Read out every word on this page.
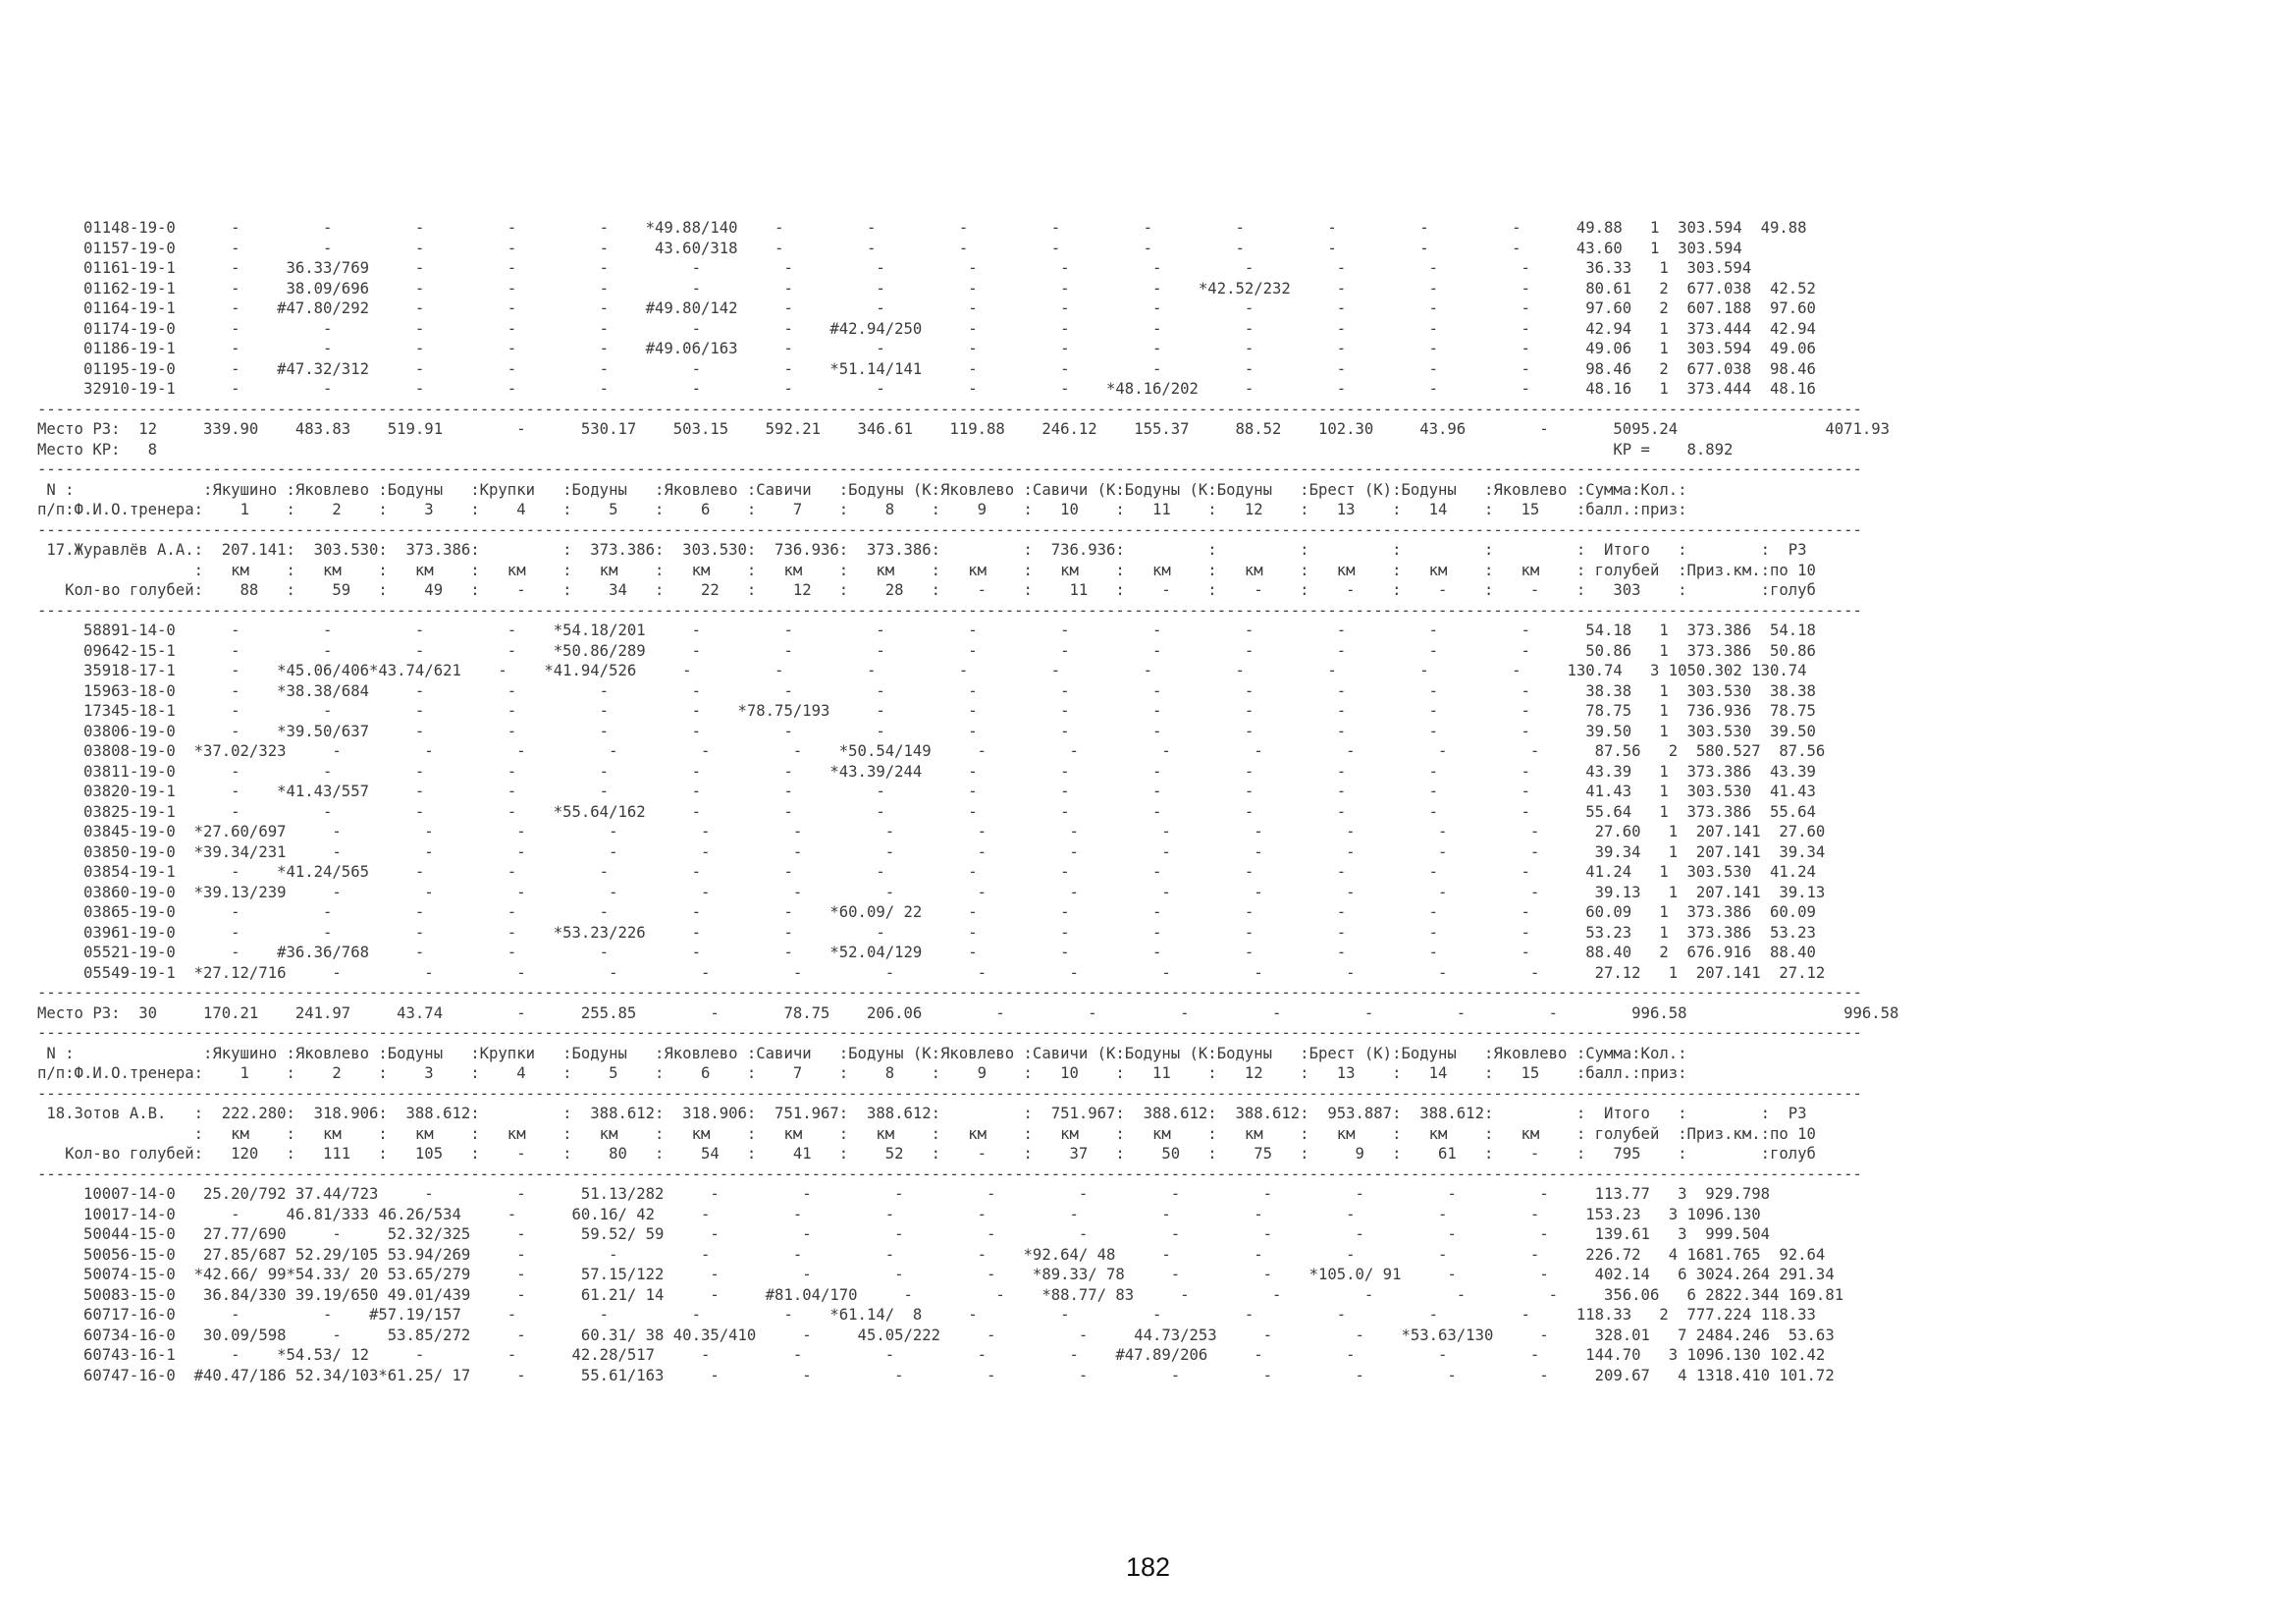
01148-19-0      -         -         -         -         -    *49.88/140    -         -         -         -         -         -         -         -         -      49.88   1  303.594  49.88
01157-19-0      -         -         -         -         -     43.60/318    -         -         -         -         -         -         -         -         -      43.60   1  303.594
01161-19-1      -     36.33/769     -         -         -         -         -         -         -         -         -         -         -         -         -      36.33   1  303.594
01162-19-1      -     38.09/696     -         -         -         -         -         -         -         -         -    *42.52/232     -         -         -      80.61   2  677.038  42.52
01164-19-1      -    #47.80/292     -         -         -    #49.80/142     -         -         -         -         -         -         -         -         -      97.60   2  607.188  97.60
01174-19-0      -         -         -         -         -         -         -    #42.94/250     -         -         -         -         -         -         -      42.94   1  373.444  42.94
01186-19-1      -         -         -         -         -    #49.06/163     -         -         -         -         -         -         -         -         -      49.06   1  303.594  49.06
01195-19-0      -    #47.32/312     -         -         -         -         -    *51.14/141     -         -         -         -         -         -         -      98.46   2  677.038  98.46
32910-19-1      -         -         -         -         -         -         -         -         -         -    *48.16/202     -         -         -         -      48.16   1  373.444  48.16
------------------------------------------------------------------------------------------------------------------------------------------------------------------------------------------------------
Место РЗ:  12     339.90    483.83    519.91        -      530.17    503.15    592.21    346.61    119.88    246.12    155.37     88.52    102.30     43.96        -       5095.24                4071.93
Место КР:   8                                                                                                                                                              КР =    8.892
------------------------------------------------------------------------------------------------------------------------------------------------------------------------------------------------------
N :              :Якушино :Яковлево :Бодуны   :Крупки   :Бодуны   :Яковлево :Савичи   :Бодуны (К:Яковлево :Савичи (К:Бодуны (К:Бодуны   :Брест (К):Бодуны   :Яковлево :Сумма:Кол.:
п/п:Ф.И.О.тренера:    1    :    2    :    3    :    4    :    5    :    6    :    7    :    8    :    9    :   10    :   11    :   12    :   13    :   14    :   15    :балл.:приз:
------------------------------------------------------------------------------------------------------------------------------------------------------------------------------------------------------
17.Журавлёв А.А.:  207.141:  303.530:  373.386:         :  373.386:  303.530:  736.936:  373.386:         :  736.936:         :         :         :         :         :  Итого   :        :  РЗ
:   км    :   км    :   км    :   км    :   км    :   км    :   км    :   км    :   км    :   км    :   км    :   км    :   км    :   км    :   км    : голубей  :Приз.км.:по 10
Кол-во голубей:    88   :    59   :    49   :    -    :    34   :    22   :    12   :    28   :    -    :    11   :    -    :    -    :    -    :    -    :    -    :   303    :        :голуб
------------------------------------------------------------------------------------------------------------------------------------------------------------------------------------------------------
58891-14-0      -         -         -         -    *54.18/201     -         -         -         -         -         -         -         -         -         -      54.18   1  373.386  54.18
09642-15-1      -         -         -         -    *50.86/289     -         -         -         -         -         -         -         -         -         -      50.86   1  373.386  50.86
35918-17-1      -    *45.06/406*43.74/621    -    *41.94/526     -         -         -         -         -         -         -         -         -         -     130.74   3 1050.302 130.74
15963-18-0      -    *38.38/684     -         -         -         -         -         -         -         -         -         -         -         -         -      38.38   1  303.530  38.38
17345-18-1      -         -         -         -         -         -    *78.75/193     -         -         -         -         -         -         -         -      78.75   1  736.936  78.75
03806-19-0      -    *39.50/637     -         -         -         -         -         -         -         -         -         -         -         -         -      39.50   1  303.530  39.50
03808-19-0  *37.02/323     -         -         -         -         -         -    *50.54/149     -         -         -         -         -         -         -      87.56   2  580.527  87.56
03811-19-0      -         -         -         -         -         -         -    *43.39/244     -         -         -         -         -         -         -      43.39   1  373.386  43.39
03820-19-1      -    *41.43/557     -         -         -         -         -         -         -         -         -         -         -         -         -      41.43   1  303.530  41.43
03825-19-1      -         -         -         -    *55.64/162     -         -         -         -         -         -         -         -         -         -      55.64   1  373.386  55.64
03845-19-0  *27.60/697     -         -         -         -         -         -         -         -         -         -         -         -         -         -      27.60   1  207.141  27.60
03850-19-0  *39.34/231     -         -         -         -         -         -         -         -         -         -         -         -         -         -      39.34   1  207.141  39.34
03854-19-1      -    *41.24/565     -         -         -         -         -         -         -         -         -         -         -         -         -      41.24   1  303.530  41.24
03860-19-0  *39.13/239     -         -         -         -         -         -         -         -         -         -         -         -         -         -      39.13   1  207.141  39.13
03865-19-0      -         -         -         -         -         -         -    *60.09/ 22     -         -         -         -         -         -         -      60.09   1  373.386  60.09
03961-19-0      -         -         -         -    *53.23/226     -         -         -         -         -         -         -         -         -         -      53.23   1  373.386  53.23
05521-19-0      -    #36.36/768     -         -         -         -         -    *52.04/129     -         -         -         -         -         -         -      88.40   2  676.916  88.40
05549-19-1  *27.12/716     -         -         -         -         -         -         -         -         -         -         -         -         -         -      27.12   1  207.141  27.12
------------------------------------------------------------------------------------------------------------------------------------------------------------------------------------------------------
Место РЗ:  30     170.21    241.97     43.74        -      255.85        -       78.75    206.06        -         -         -         -         -         -         -        996.58                 996.58
------------------------------------------------------------------------------------------------------------------------------------------------------------------------------------------------------
N :              :Якушино :Яковлево :Бодуны   :Крупки   :Бодуны   :Яковлево :Савичи   :Бодуны (К:Яковлево :Савичи (К:Бодуны (К:Бодуны   :Брест (К):Бодуны   :Яковлево :Сумма:Кол.:
п/п:Ф.И.О.тренера:    1    :    2    :    3    :    4    :    5    :    6    :    7    :    8    :    9    :   10    :   11    :   12    :   13    :   14    :   15    :балл.:приз:
------------------------------------------------------------------------------------------------------------------------------------------------------------------------------------------------------
18.Зотов А.В.   :  222.280:  318.906:  388.612:         :  388.612:  318.906:  751.967:  388.612:         :  751.967:  388.612:  388.612:  953.887:  388.612:         :  Итого   :        :  РЗ
:   км    :   км    :   км    :   км    :   км    :   км    :   км    :   км    :   км    :   км    :   км    :   км    :   км    :   км    :   км    : голубей  :Приз.км.:по 10
Кол-во голубей:   120   :   111   :   105   :    -    :    80   :    54   :    41   :    52   :    -    :    37   :    50   :    75   :     9   :    61   :    -    :   795    :        :голуб
------------------------------------------------------------------------------------------------------------------------------------------------------------------------------------------------------
10007-14-0   25.20/792 37.44/723     -         -      51.13/282     -         -         -         -         -         -         -         -         -         -     113.77   3  929.798
10017-14-0      -     46.81/333 46.26/534     -      60.16/ 42     -         -         -         -         -         -         -         -         -         -     153.23   3 1096.130
50044-15-0   27.77/690     -     52.32/325     -      59.52/ 59     -         -         -         -         -         -         -         -         -         -     139.61   3  999.504
50056-15-0   27.85/687 52.29/105 53.94/269     -         -         -         -         -         -    *92.64/ 48     -         -         -         -         -     226.72   4 1681.765  92.64
50074-15-0  *42.66/ 99*54.33/ 20 53.65/279     -      57.15/122     -         -         -         -    *89.33/ 78     -         -    *105.0/ 91     -         -     402.14   6 3024.264 291.34
50083-15-0   36.84/330 39.19/650 49.01/439     -      61.21/ 14     -     #81.04/170     -         -    *88.77/ 83     -         -         -         -         -     356.06   6 2822.344 169.81
60717-16-0      -         -    #57.19/157     -         -         -         -    *61.14/  8     -         -         -         -         -         -         -     118.33   2  777.224 118.33
60734-16-0   30.09/598     -     53.85/272     -      60.31/ 38 40.35/410     -     45.05/222     -         -     44.73/253     -         -    *53.63/130     -     328.01   7 2484.246  53.63
60743-16-1      -    *54.53/ 12     -         -      42.28/517     -         -         -         -         -    #47.89/206     -         -         -         -     144.70   3 1096.130 102.42
60747-16-0  #40.47/186 52.34/103*61.25/ 17     -      55.61/163     -         -         -         -         -         -         -         -         -         -     209.67   4 1318.410 101.72
182
